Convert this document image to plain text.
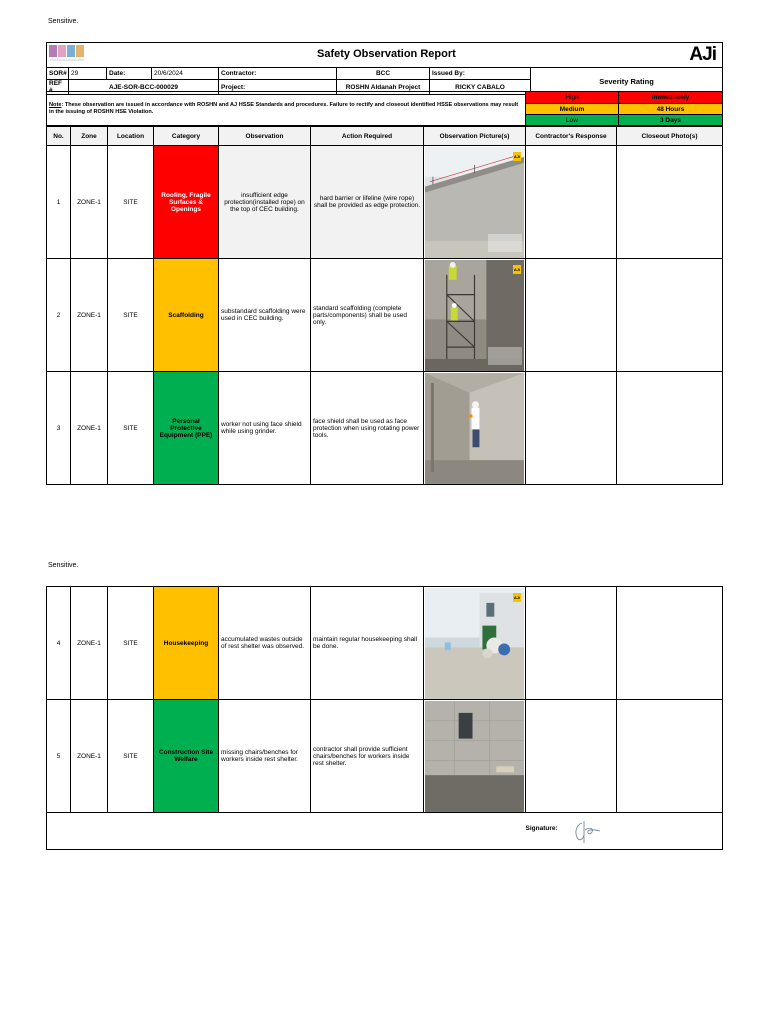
Sensitive.
Safety Observation Report	AJi
SOR#	29	Date:	20/6/2024	Contractor:	BCC	Issued By:	Severity Rating
REF #	AJE-SOR-BCC-000029			Project:	ROSHN Aldanah Project	RICKY CABALO	
Note: These observation are issued in accordance with ROSHN and AJ HSSE Standards and procedures. Failure to rectify and closeout identified HSSE observations may result in the issuing of ROSHN HSE Violation.	High	Immediately
	Medium	48 Hours
	Low	3 Days
No.	Zone	Location	Category	Observation	Action Required	Observation Picture(s)	Contractor's Response	Closeout Photo(s)
1	ZONE-1	SITE	Roofing, Fragile Surfaces & Openings	insufficient edge protection(installed rope) on the top of CEC building.	hard barrier or lifeline (wire rope) shall be provided as edge protection.	AJi		

2	ZONE-1	SITE	Scaffolding	substandard scaffolding were used in CEC building.	standard scaffolding (complete parts/components) shall be used only.	AJi		

3	ZONE-1	SITE	Personal Protective Equipment (PPE)	worker not using face shield while using grinder.	face shield shall be used as face protection when using rotating power tools.	

Sensitive.
4	ZONE-1	SITE	Housekeeping	accumulated wastes outside of rest shelter was observed.	maintain regular housekeeping shall be done.	AJi		

5	ZONE-1	SITE	Construction Site Welfare	missing chairs/benches for workers inside rest shelter.	contractor shall provide sufficient chairs/benches for workers inside rest shelter.	

							Signature:	
